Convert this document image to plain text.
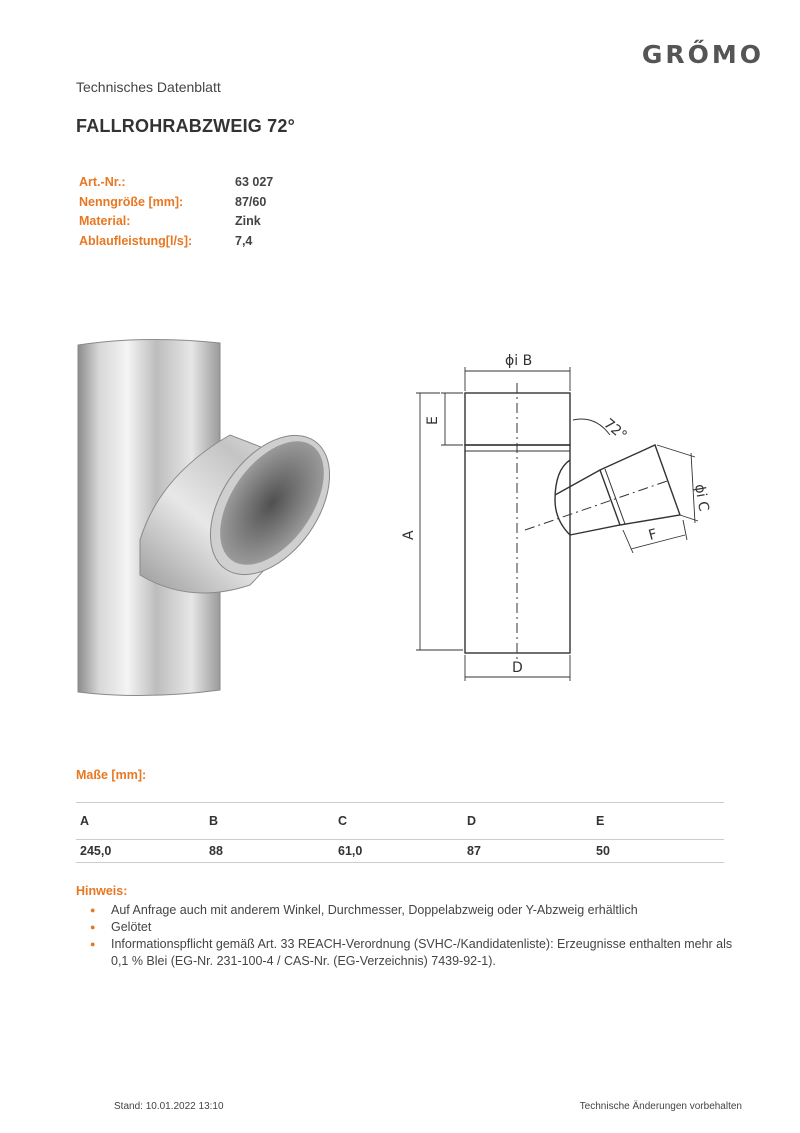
GRŐMO
Technisches Datenblatt
FALLROHRABZWEIG 72°
Art.-Nr.:	63 027
Nenngröße [mm]:	87/60
Material:	Zink
Ablaufleistung[l/s]:	7,4
ϕi B
E	72°
ϕi C
A	F
D
Maße [mm]:
A	B	C	D	E
245,0	88	61,0	87	50
Hinweis:
● Auf Anfrage auch mit anderem Winkel, Durchmesser, Doppelabzweig oder Y-Abzweig erhältlich
● Gelötet
● Informationspflicht gemäß Art. 33 REACH-Verordnung (SVHC-/Kandidatenliste): Erzeugnisse enthalten mehr als 0,1 % Blei (EG-Nr. 231-100-4 / CAS-Nr. (EG-Verzeichnis) 7439-92-1).
Stand: 10.01.2022 13:10	Technische Änderungen vorbehalten
